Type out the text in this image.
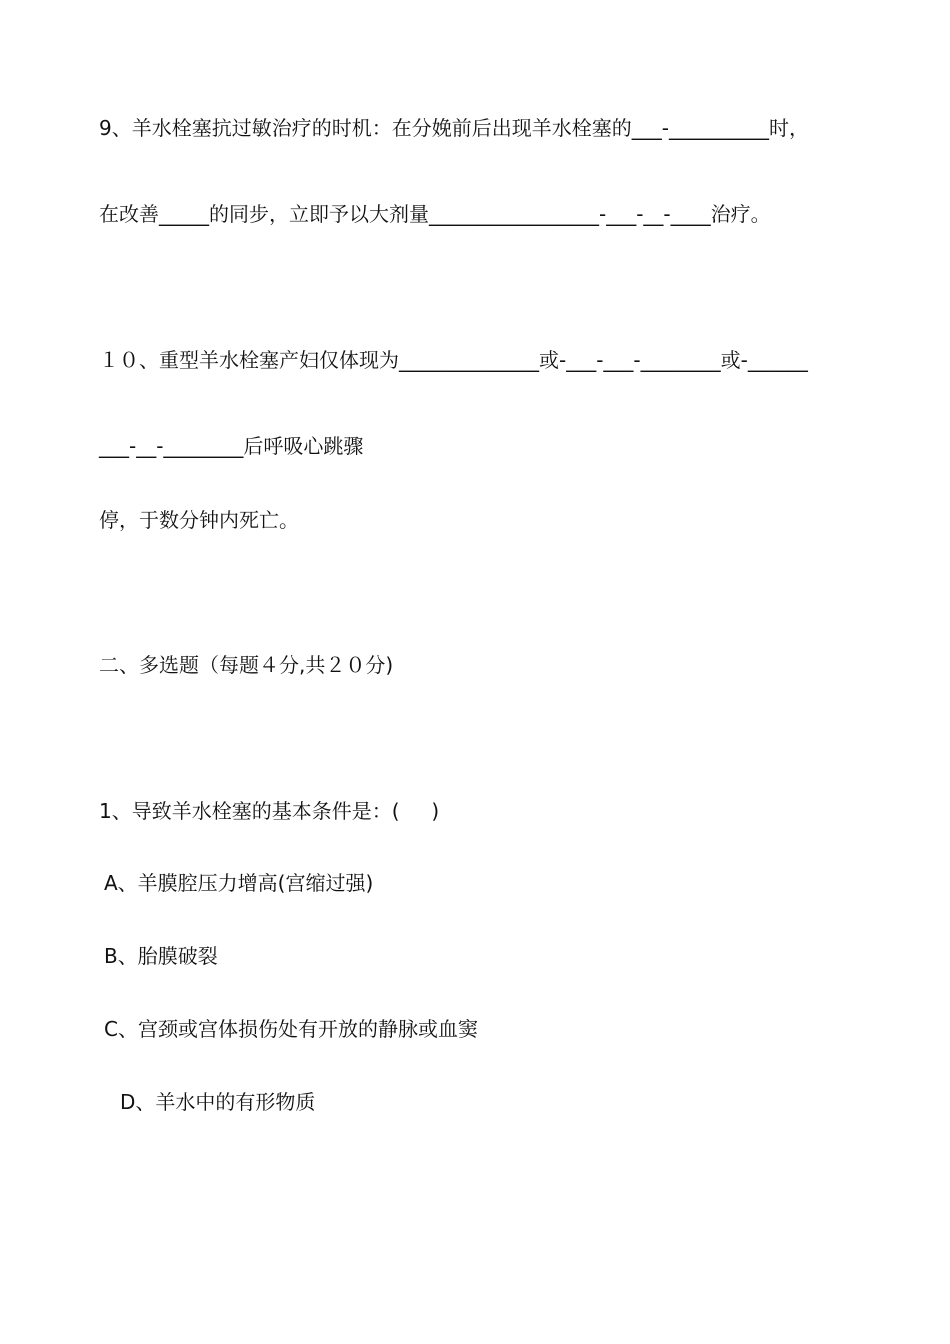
9、羊水栓塞抗过敏治疗的时机：在分娩前后出现羊水栓塞的___-__________时，
在改善_____的同步，立即予以大剂量_________________-___-__-____治疗。
１０、重型羊水栓塞产妇仅体现为______________或-___-___-________或-______
___-__-________后呼吸心跳骤
停，于数分钟内死亡。
二、多选题（每题４分,共２０分)
1、导致羊水栓塞的基本条件是：(     )
A、羊膜腔压力增高(宫缩过强)
B、胎膜破裂
C、宫颈或宫体损伤处有开放的静脉或血窦
D、羊水中的有形物质
